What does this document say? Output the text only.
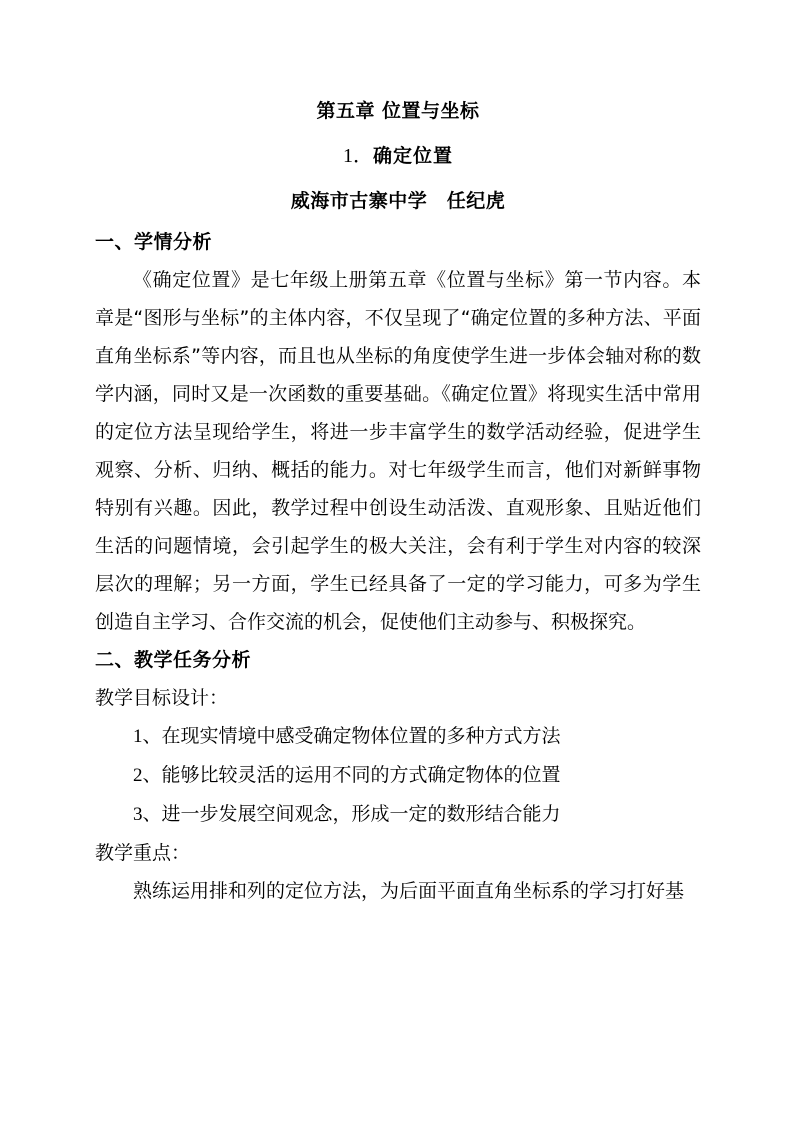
第五章 位置与坐标
1．确定位置

威海市古寨中学　任纪虎

一、学情分析

《确定位置》是七年级上册第五章《位置与坐标》第一节内容。本章是“图形与坐标”的主体内容，不仅呈现了“确定位置的多种方法、平面直角坐标系”等内容，而且也从坐标的角度使学生进一步体会轴对称的数学内涵，同时又是一次函数的重要基础。《确定位置》将现实生活中常用的定位方法呈现给学生，将进一步丰富学生的数学活动经验，促进学生观察、分析、归纳、概括的能力。对七年级学生而言，他们对新鲜事物特别有兴趣。因此，教学过程中创设生动活泼、直观形象、且贴近他们生活的问题情境，会引起学生的极大关注，会有利于学生对内容的较深层次的理解；另一方面，学生已经具备了一定的学习能力，可多为学生创造自主学习、合作交流的机会，促使他们主动参与、积极探究。

二、教学任务分析

教学目标设计：

1、在现实情境中感受确定物体位置的多种方式方法

2、能够比较灵活的运用不同的方式确定物体的位置

3、进一步发展空间观念，形成一定的数形结合能力

教学重点：

熟练运用排和列的定位方法，为后面平面直角坐标系的学习打好基
